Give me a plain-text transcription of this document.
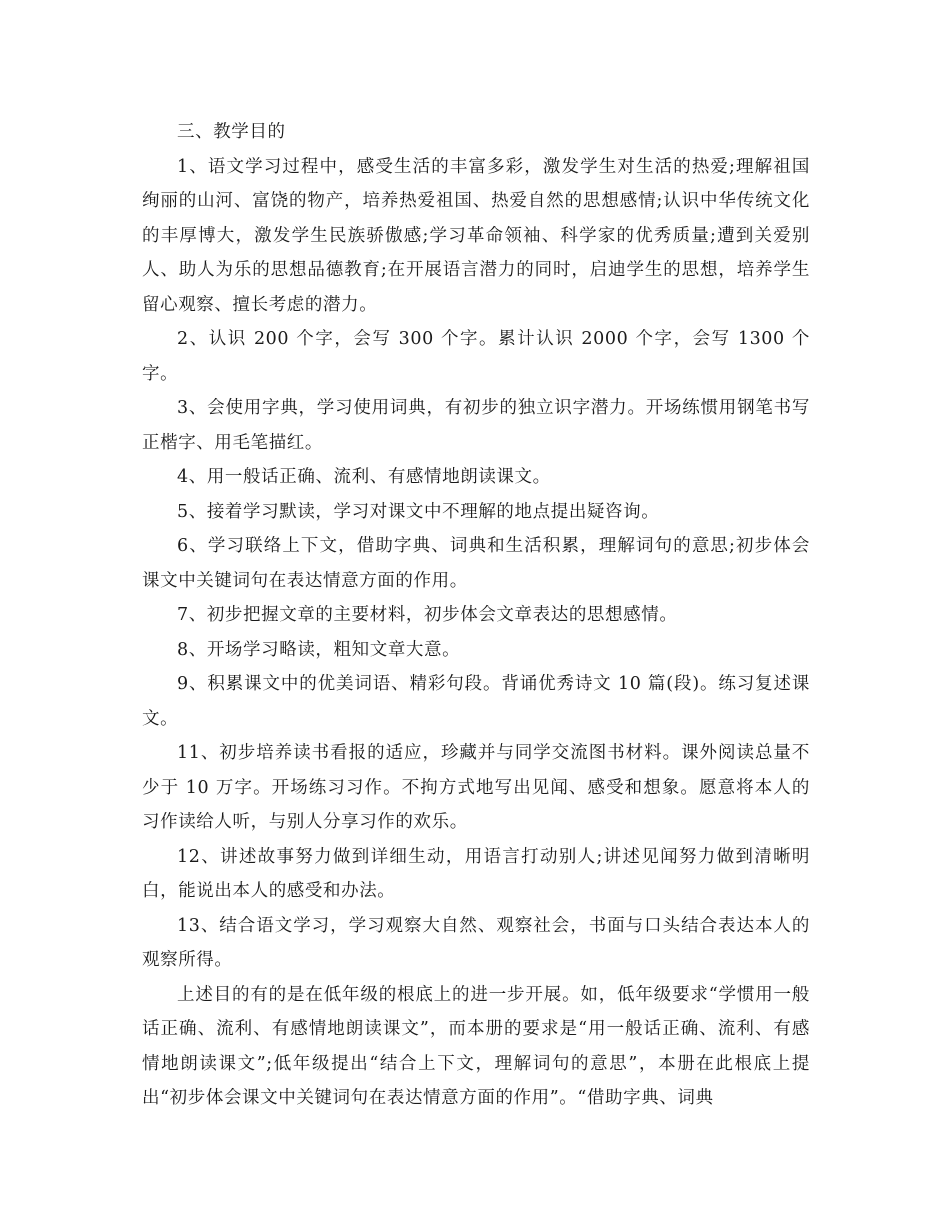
三、教学目的

1、语文学习过程中，感受生活的丰富多彩，激发学生对生活的热爱;理解祖国绚丽的山河、富饶的物产，培养热爱祖国、热爱自然的思想感情;认识中华传统文化的丰厚博大，激发学生民族骄傲感;学习革命领袖、科学家的优秀质量;遭到关爱别人、助人为乐的思想品德教育;在开展语言潜力的同时，启迪学生的思想，培养学生留心观察、擅长考虑的潜力。

2、认识 200 个字，会写 300 个字。累计认识 2000 个字，会写 1300 个字。

3、会使用字典，学习使用词典，有初步的独立识字潜力。开场练惯用钢笔书写正楷字、用毛笔描红。

4、用一般话正确、流利、有感情地朗读课文。

5、接着学习默读，学习对课文中不理解的地点提出疑咨询。

6、学习联络上下文，借助字典、词典和生活积累，理解词句的意思;初步体会课文中关键词句在表达情意方面的作用。

7、初步把握文章的主要材料，初步体会文章表达的思想感情。

8、开场学习略读，粗知文章大意。

9、积累课文中的优美词语、精彩句段。背诵优秀诗文 10 篇(段)。练习复述课文。

11、初步培养读书看报的适应，珍藏并与同学交流图书材料。课外阅读总量不少于 10 万字。开场练习习作。不拘方式地写出见闻、感受和想象。愿意将本人的习作读给人听，与别人分享习作的欢乐。

12、讲述故事努力做到详细生动，用语言打动别人;讲述见闻努力做到清晰明白，能说出本人的感受和办法。

13、结合语文学习，学习观察大自然、观察社会，书面与口头结合表达本人的观察所得。

上述目的有的是在低年级的根底上的进一步开展。如，低年级要求“学惯用一般话正确、流利、有感情地朗读课文”，而本册的要求是“用一般话正确、流利、有感情地朗读课文”;低年级提出“结合上下文，理解词句的意思”，本册在此根底上提出“初步体会课文中关键词句在表达情意方面的作用”。“借助字典、词典
